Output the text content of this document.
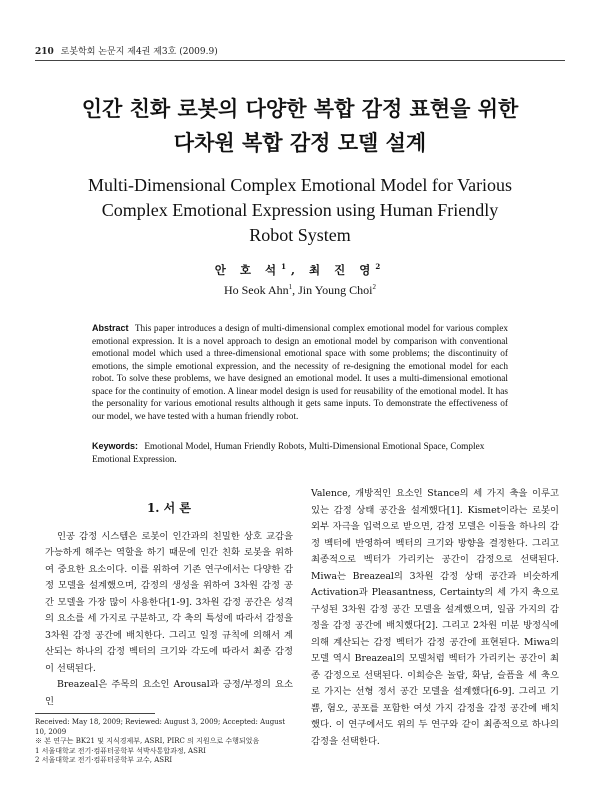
210 로봇학회 논문지 제4권 제3호 (2009.9)
인간 친화 로봇의 다양한 복합 감정 표현을 위한
다차원 복합 감정 모델 설계
Multi-Dimensional Complex Emotional Model for Various
Complex Emotional Expression using Human Friendly
Robot System
안 호 석$^1$, 최 진 영$^2$
Ho Seok Ahn$^1$, Jin Young Choi$^2$
Abstract This paper introduces a design of multi-dimensional complex emotional model for various complex emotional expression. It is a novel approach to design an emotional model by comparison with conventional emotional model which used a three-dimensional emotional space with some problems; the discontinuity of emotions, the simple emotional expression, and the necessity of re-designing the emotional model for each robot. To solve these problems, we have designed an emotional model. It uses a multi-dimensional emotional space for the continuity of emotion. A linear model design is used for reusability of the emotional model. It has the personality for various emotional results although it gets same inputs. To demonstrate the effectiveness of our model, we have tested with a human friendly robot.
Keywords: Emotional Model, Human Friendly Robots, Multi-Dimensional Emotional Space, Complex Emotional Expression.
1. 서 론

인공 감정 시스템은 로봇이 인간과의 친밀한 상호 교감을 가능하게 해주는 역할을 하기 때문에 인간 친화 로봇을 위하여 중요한 요소이다. 이를 위하여 기존 연구에서는 다양한 감정 모델을 설계했으며, 감정의 생성을 위하여 3차원 감정 공간 모델을 가장 많이 사용한다[1-9]. 3차원 감정 공간은 성격의 요소를 세 가지로 구분하고, 각 축의 특성에 따라서 감정을 3차원 감정 공간에 배치한다. 그리고 일정 규칙에 의해서 계산되는 하나의 감정 벡터의 크기와 각도에 따라서 최종 감정이 선택된다.

Breazeal은 주목의 요소인 Arousal과 긍정/부정의 요소인

Valence, 개방적인 요소인 Stance의 세 가지 축을 이루고 있는 감정 상태 공간을 설계했다[1]. Kismet이라는 로봇이 외부 자극을 입력으로 받으면, 감정 모델은 이들을 하나의 감정 벡터에 반영하여 벡터의 크기와 방향을 결정한다. 그리고 최종적으로 벡터가 가리키는 공간이 감정으로 선택된다. Miwa는 Breazeal의 3차원 감정 상태 공간과 비슷하게 Activation과 Pleasantness, Certainty의 세 가지 축으로 구성된 3차원 감정 공간 모델을 설계했으며, 일곱 가지의 감정을 감정 공간에 배치했다[2]. 그리고 2차원 미분 방정식에 의해 계산되는 감정 벡터가 감정 공간에 표현된다. Miwa의 모델 역시 Breazeal의 모델처럼 벡터가 가리키는 공간이 최종 감정으로 선택된다. 이희승은 놀람, 화남, 슬픔을 세 축으로 가지는 선형 정서 공간 모델을 설계했다[6-9]. 그리고 기쁨, 혐오, 공포를 포함한 여섯 가지 감정을 감정 공간에 배치했다. 이 연구에서도 위의 두 연구와 같이 최종적으로 하나의 감정을 선택한다.

Received: May 18, 2009; Reviewed: August 3, 2009; Accepted: August 10, 2009
※ 본 연구는 BK21 및 지식경제부, ASRI, PIRC 의 지원으로 수행되었음
1 서울대학교 전기·컴퓨터공학부 석박사통합과정, ASRI
2 서울대학교 전기·컴퓨터공학부 교수, ASRI
